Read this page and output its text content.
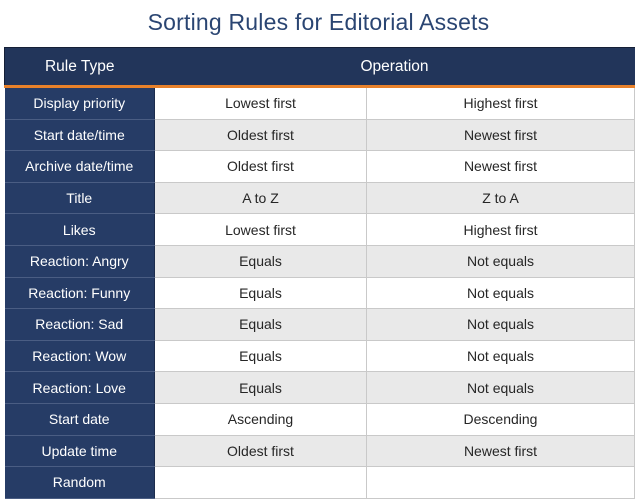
Sorting Rules for Editorial Assets
Rule Type	Operation	
Display priority	Lowest first	Highest first
Start date/time	Oldest first	Newest first
Archive date/time	Oldest first	Newest first
Title	A to Z	Z to A
Likes	Lowest first	Highest first
Reaction: Angry	Equals	Not equals
Reaction: Funny	Equals	Not equals
Reaction: Sad	Equals	Not equals
Reaction: Wow	Equals	Not equals
Reaction: Love	Equals	Not equals
Start date	Ascending	Descending
Update time	Oldest first	Newest first
Random		
